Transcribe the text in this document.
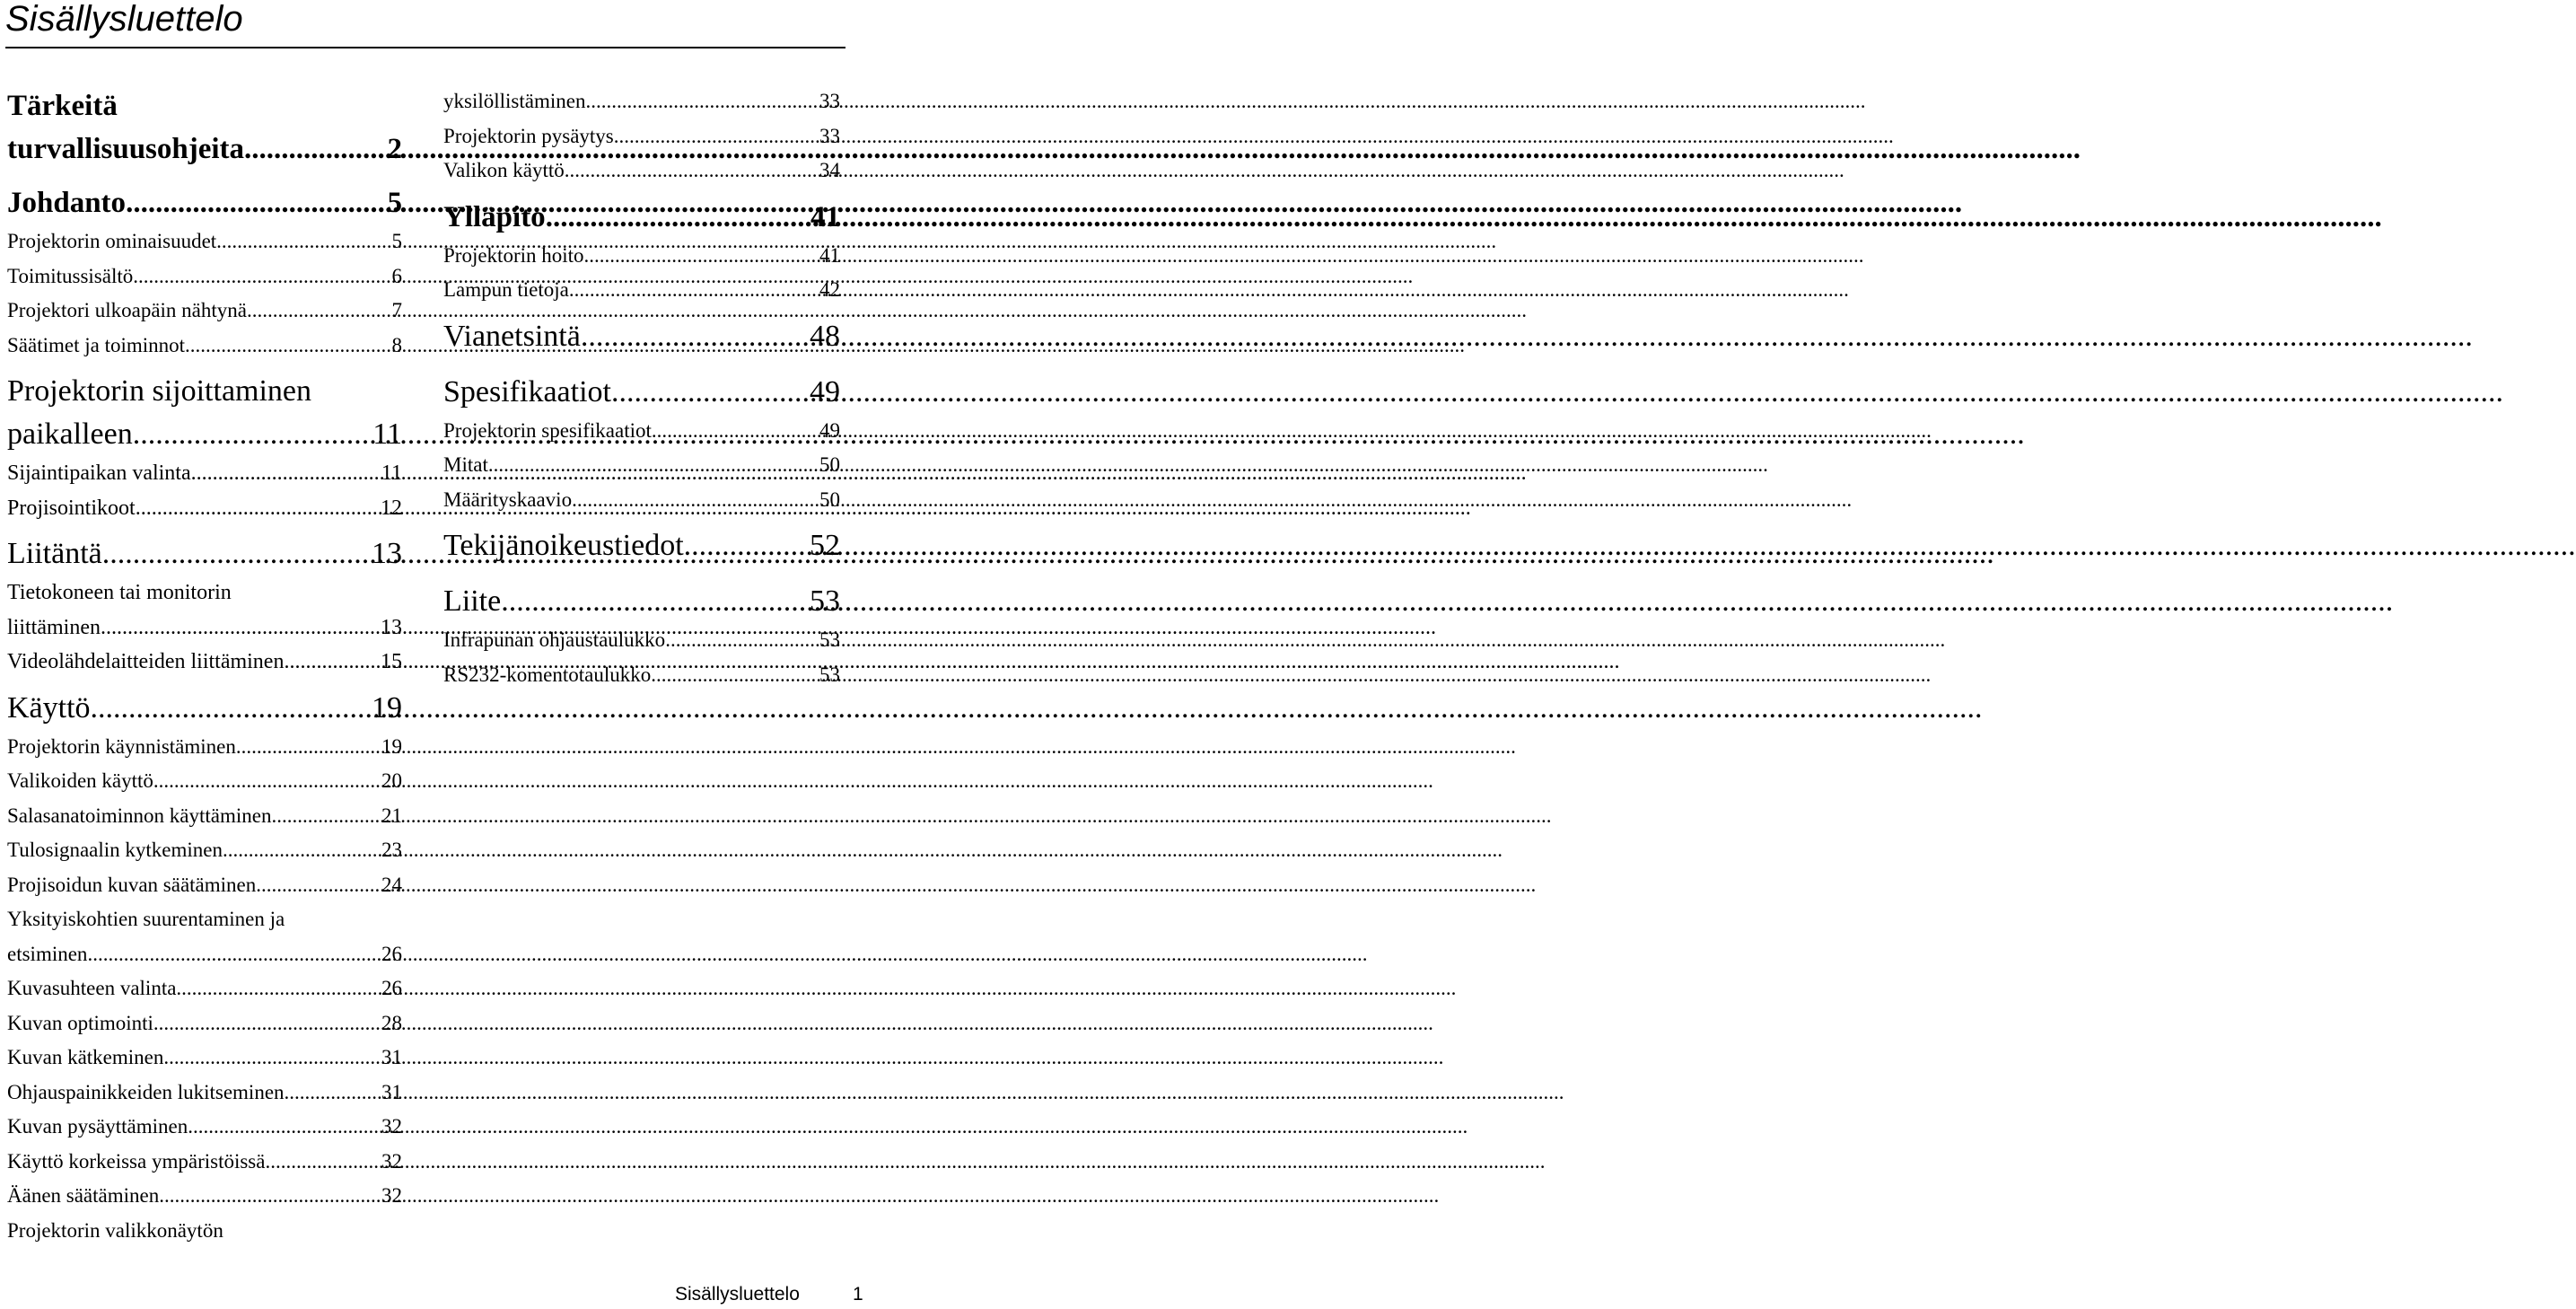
Sisällysluettelo
Tärkeitä
turvallisuusohjeita .....	2
Johdanto .....	5
Projektorin ominaisuudet .....	5
Toimitussisältö .....	6
Projektori ulkoapäin nähtynä .....	7
Säätimet ja toiminnot .....	8
Projektorin sijoittaminen
paikalleen .....	11
Sijaintipaikan valinta .....	11
Projisointikoot .....	12
Liitäntä .....	13
Tietokoneen tai monitorin
liittäminen .....	13
Videolähdelaitteiden liittäminen .....	15
Käyttö .....	19
Projektorin käynnistäminen .....	19
Valikoiden käyttö .....	20
Salasanatoiminnon käyttäminen .....	21
Tulosignaalin kytkeminen .....	23
Projisoidun kuvan säätäminen .....	24
Yksityiskohtien suurentaminen ja
etsiminen .....	26
Kuvasuhteen valinta .....	26
Kuvan optimointi .....	28
Kuvan kätkeminen .....	31
Ohjauspainikkeiden lukitseminen .....	31
Kuvan pysäyttäminen .....	32
Käyttö korkeissa ympäristöissä .....	32
Äänen säätäminen .....	32
Projektorin valikkonäytön
yksilöllistäminen .....	33
Projektorin pysäytys .....	33
Valikon käyttö .....	34
Ylläpito .....	41
Projektorin hoito .....	41
Lampun tietoja .....	42
Vianetsintä .....	48
Spesifikaatiot .....	49
Projektorin spesifikaatiot .....	49
Mitat .....	50
Määrityskaavio .....	50
Tekijänoikeustiedot .....	52
Liite .....	53
Infrapunan ohjaustaulukko .....	53
RS232-komentotaulukko .....	53
Sisällysluettelo	1
